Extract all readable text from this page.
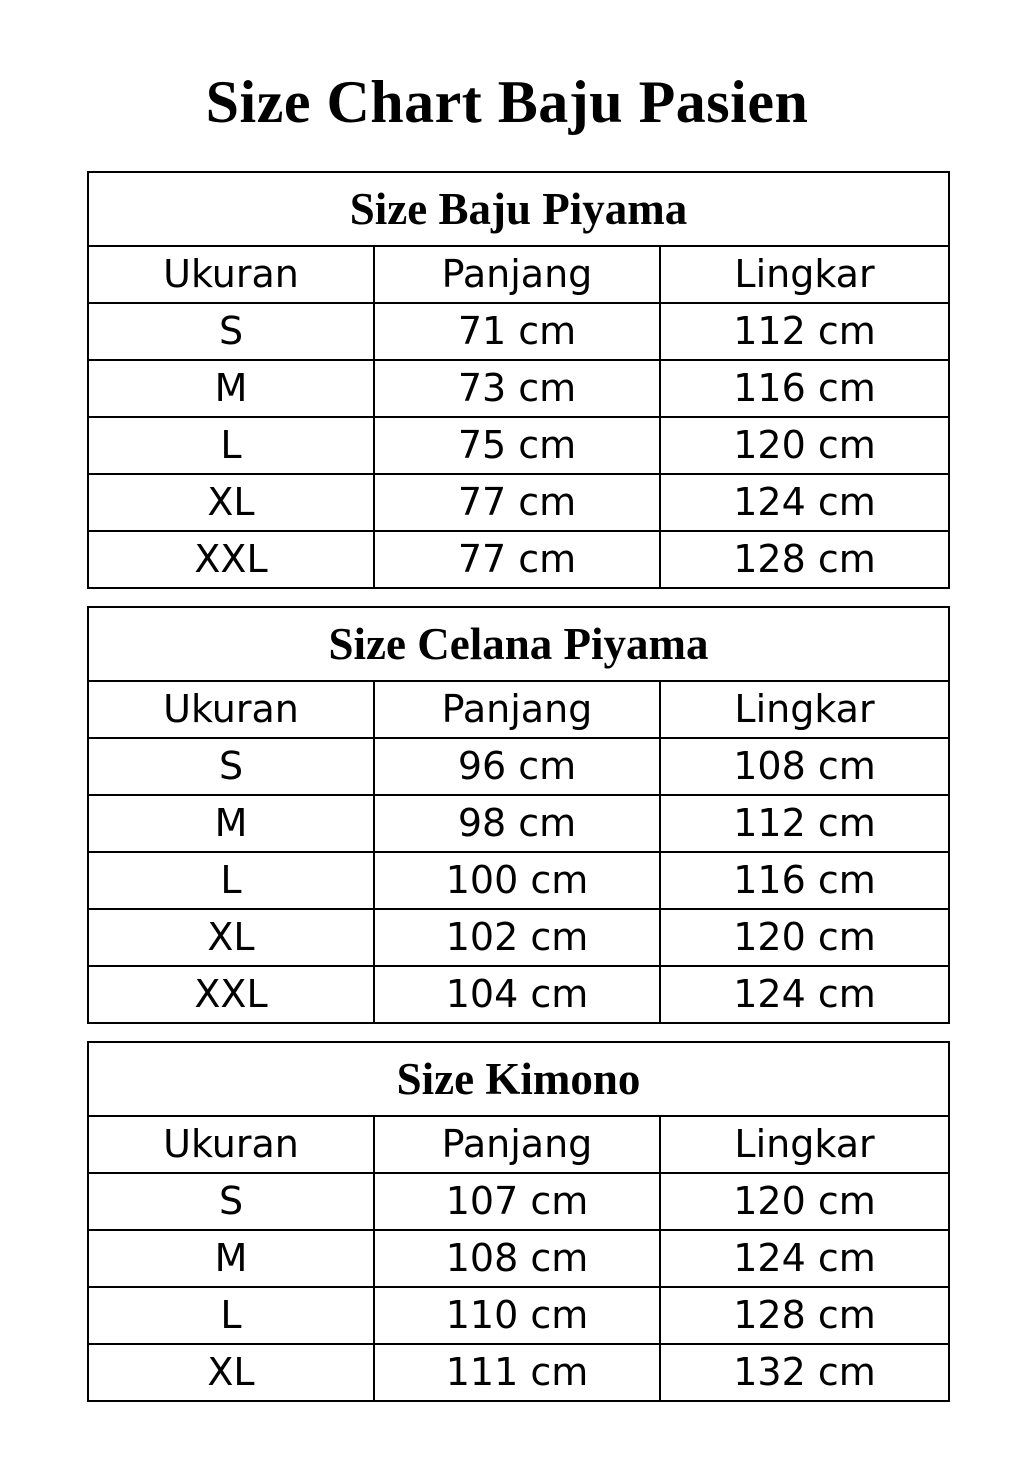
Size Chart Baju Pasien
Size Baju Piyama		
Ukuran	Panjang	Lingkar
S	71 cm	112 cm
M	73 cm	116 cm
L	75 cm	120 cm
XL	77 cm	124 cm
XXL	77 cm	128 cm
Size Celana Piyama		
Ukuran	Panjang	Lingkar
S	96 cm	108 cm
M	98 cm	112 cm
L	100 cm	116 cm
XL	102 cm	120 cm
XXL	104 cm	124 cm
Size Kimono		
Ukuran	Panjang	Lingkar
S	107 cm	120 cm
M	108 cm	124 cm
L	110 cm	128 cm
XL	111 cm	132 cm
